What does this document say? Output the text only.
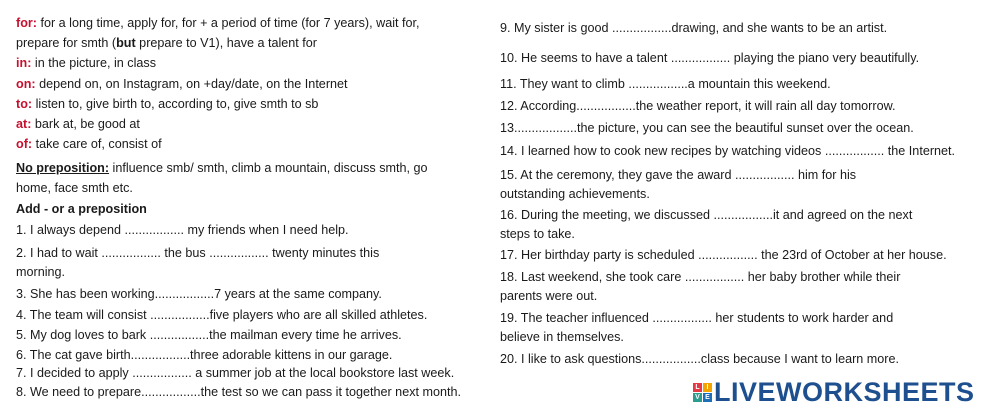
for: for a long time, apply for, for + a period of time (for 7 years), wait for,
prepare for smth (but prepare to V1), have a talent for
in: in the picture, in class
on: depend on, on Instagram, on +day/date, on the Internet
to: listen to, give birth to, according to, give smth to sb
at: bark at, be good at
of: take care of, consist of
No preposition: influence smb/ smth, climb a mountain, discuss smth, go
home, face smth etc.
Add - or a preposition
1. I always depend ................. my friends when I need help.
2. I had to wait ................. the bus ................. twenty minutes this
morning.
3. She has been working.................7 years at the same company.
4. The team will consist .................five players who are all skilled athletes.
5. My dog loves to bark .................the mailman every time he arrives.
6. The cat gave birth.................three adorable kittens in our garage.
7. I decided to apply ................. a summer job at the local bookstore last week.
8. We need to prepare.................the test so we can pass it together next month.
9. My sister is good .................drawing, and she wants to be an artist.
10. He seems to have a talent ................. playing the piano very beautifully.
11. They want to climb .................a mountain this weekend.
12. According.................the weather report, it will rain all day tomorrow.
13..................the picture, you can see the beautiful sunset over the ocean.
14. I learned how to cook new recipes by watching videos ................. the Internet.
15. At the ceremony, they gave the award ................. him for his
outstanding achievements.
16. During the meeting, we discussed .................it and agreed on the next
steps to take.
17. Her birthday party is scheduled ................. the 23rd of October at her house.
18. Last weekend, she took care ................. her baby brother while their
parents were out.
19. The teacher influenced ................. her students to work harder and
believe in themselves.
20. I like to ask questions.................class because I want to learn more.
L I
V E LIVEWORKSHEETS
